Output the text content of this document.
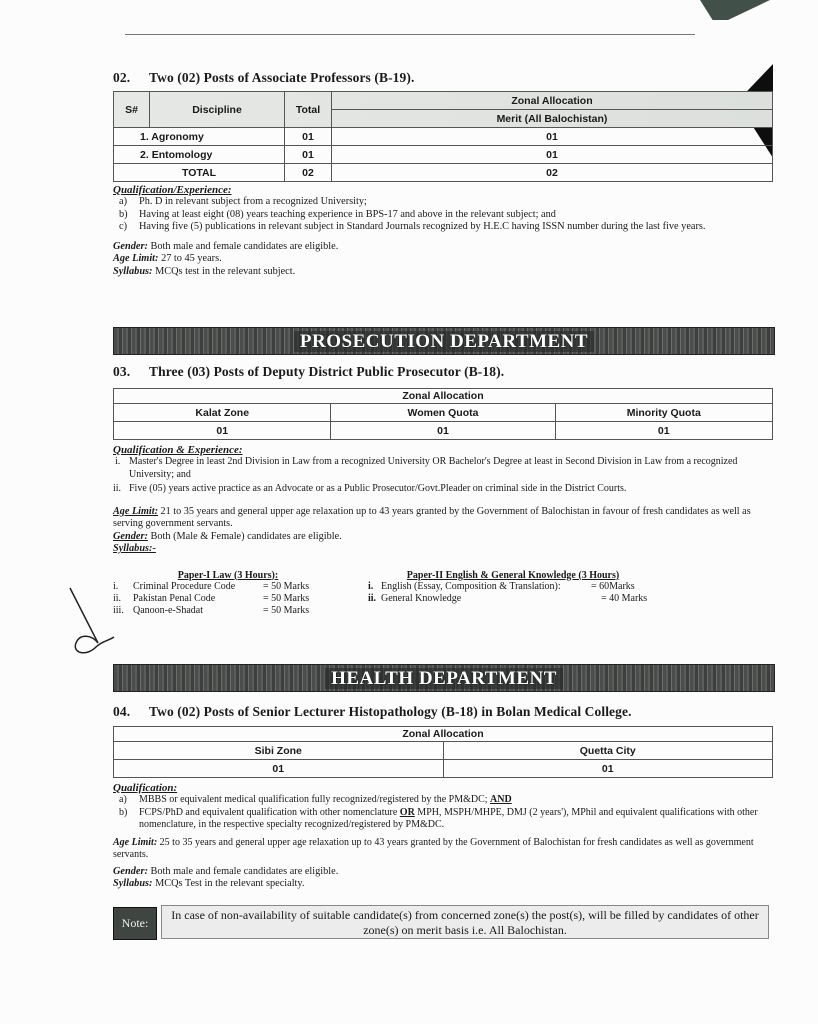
02. Two (02) Posts of Associate Professors (B-19).
S#	Discipline	Total	Zonal Allocation
			Merit (All Balochistan)
1. Agronomy		01	01
2. Entomology		01	01
TOTAL		02	02
Qualification/Experience:
a) Ph. D in relevant subject from a recognized University;
b) Having at least eight (08) years teaching experience in BPS-17 and above in the relevant subject; and
c) Having five (5) publications in relevant subject in Standard Journals recognized by H.E.C having ISSN number during the last five years.
Gender: Both male and female candidates are eligible.
Age Limit: 27 to 45 years.
Syllabus: MCQs test in the relevant subject.
PROSECUTION DEPARTMENT
03. Three (03) Posts of Deputy District Public Prosecutor (B-18).
Zonal Allocation		
Kalat Zone	Women Quota	Minority Quota
01	01	01
Qualification & Experience:
i. Master's Degree in least 2nd Division in Law from a recognized University OR Bachelor's Degree at least in Second Division in Law from a recognized University; and
ii. Five (05) years active practice as an Advocate or as a Public Prosecutor/Govt.Pleader on criminal side in the District Courts.
Age Limit: 21 to 35 years and general upper age relaxation up to 43 years granted by the Government of Balochistan in favour of fresh candidates as well as serving government servants.
Gender: Both (Male & Female) candidates are eligible.
Syllabus:-
Paper-I Law (3 Hours):
i. Criminal Procedure Code	= 50 Marks
ii. Pakistan Penal Code	= 50 Marks
iii. Qanoon-e-Shadat	= 50 Marks
Paper-II English & General Knowledge (3 Hours)
i. English (Essay, Composition & Translation):	= 60Marks
ii. General Knowledge	= 40 Marks
HEALTH DEPARTMENT
04. Two (02) Posts of Senior Lecturer Histopathology (B-18) in Bolan Medical College.
Zonal Allocation	
Sibi Zone	Quetta City
01	01
Qualification:
a) MBBS or equivalent medical qualification fully recognized/registered by the PM&DC; AND
b) FCPS/PhD and equivalent qualification with other nomenclature OR MPH, MSPH/MHPE, DMJ (2 years'), MPhil and equivalent qualifications with other nomenclature, in the respective specialty recognized/registered by PM&DC.
Age Limit: 25 to 35 years and general upper age relaxation up to 43 years granted by the Government of Balochistan for fresh candidates as well as government servants.
Gender: Both male and female candidates are eligible.
Syllabus: MCQs Test in the relevant specialty.
Note:
In case of non-availability of suitable candidate(s) from concerned zone(s) the post(s), will be filled by candidates of other zone(s) on merit basis i.e. All Balochistan.
